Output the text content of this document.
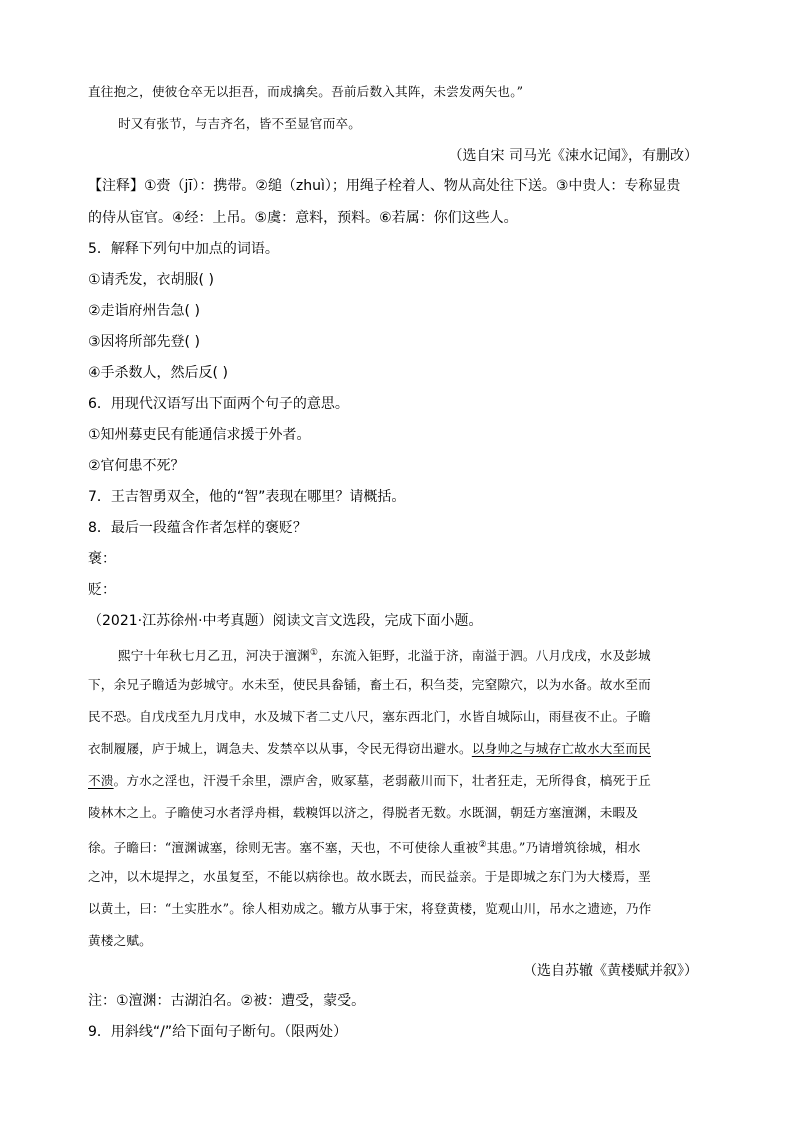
直往抱之，使彼仓卒无以拒吾，而成擒矣。吾前后数入其阵，未尝发两矢也。”
时又有张节，与吉齐名，皆不至显官而卒。
（选自宋 司马光《涑水记闻》，有删改）
【注释】①赍（jī）：携带。②缒（zhuì）；用绳子栓着人、物从高处往下送。③中贵人：专称显贵
的侍从宦官。④经：上吊。⑤虞：意料，预料。⑥若属：你们这些人。
5．解释下列句中加点的词语。
①请秃发，衣胡服( )
②走诣府州告急( )
③因将所部先登( )
④手杀数人，然后反( )
6．用现代汉语写出下面两个句子的意思。
①知州募吏民有能通信求援于外者。
②官何患不死？
7．王吉智勇双全，他的“智”表现在哪里？请概括。
8．最后一段蕴含作者怎样的褒贬？
褒：
贬：
（2021·江苏徐州·中考真题）阅读文言文选段，完成下面小题。
熙宁十年秋七月乙丑，河决于澶渊①，东流入钜野，北溢于济，南溢于泗。八月戊戌，水及彭城
下，余兄子瞻适为彭城守。水未至，使民具畚锸，畜土石，积刍茭，完窒隙穴，以为水备。故水至而
民不恐。自戊戌至九月戊申，水及城下者二丈八尺，塞东西北门，水皆自城际山，雨昼夜不止。子瞻
衣制履屦，庐于城上，调急夫、发禁卒以从事，令民无得窃出避水。以身帅之与城存亡故水大至而民
不溃。方水之淫也，汗漫千余里，漂庐舍，败冢墓，老弱蔽川而下，壮者狂走，无所得食，槁死于丘
陵林木之上。子瞻使习水者浮舟楫，载糗饵以济之，得脱者无数。水既涸，朝廷方塞澶渊，未暇及
徐。子瞻曰：“澶渊诚塞，徐则无害。塞不塞，天也，不可使徐人重被②其患。”乃请增筑徐城，相水
之冲，以木堤捍之，水虽复至，不能以病徐也。故水既去，而民益亲。于是即城之东门为大楼焉，垩
以黄土，曰：“土实胜水”。徐人相劝成之。辙方从事于宋，将登黄楼，览观山川，吊水之遗迹，乃作
黄楼之赋。
（选自苏辙《黄楼赋并叙》）
注：①澶渊：古湖泊名。②被：遭受，蒙受。
9．用斜线“/”给下面句子断句。（限两处）
